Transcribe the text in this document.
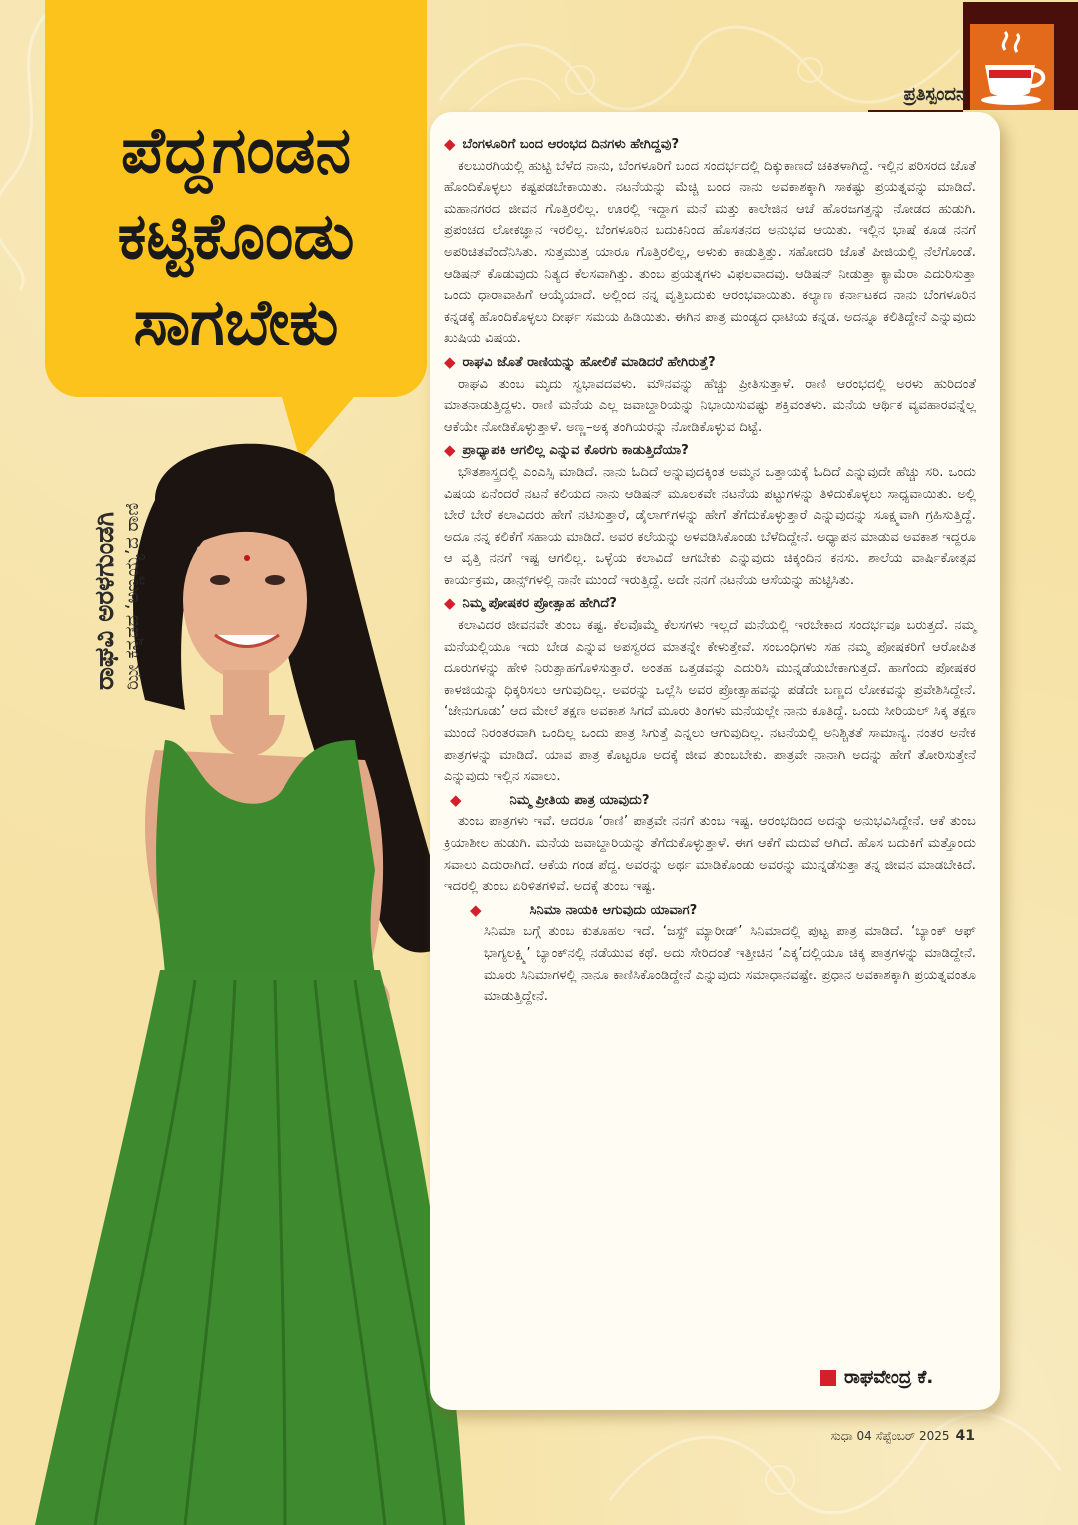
ಪೆದ್ದಗಂಡನ
ಕಟ್ಟಿಕೊಂಡು
ಸಾಗಬೇಕು
ರಾಘವಿ ಅರಳಗುಂಡಗಿ ಝೀ ಕನ್ನಡದ ‘ಅಣ್ಣಯ್ಯ’ದ ರಾಣಿ
ಪ್ರತಿಸ್ಪಂದನ
◆ ಬೆಂಗಳೂರಿಗೆ ಬಂದ ಆರಂಭದ ದಿನಗಳು ಹೇಗಿದ್ದವು?

ಕಲಬುರಗಿಯಲ್ಲಿ ಹುಟ್ಟಿ ಬೆಳೆದ ನಾನು, ಬೆಂಗಳೂರಿಗೆ ಬಂದ ಸಂದರ್ಭದಲ್ಲಿ ದಿಕ್ಕುಕಾಣದೆ ಚಕಿತಳಾಗಿದ್ದೆ. ಇಲ್ಲಿನ ಪರಿಸರದ ಜೊತೆ ಹೊಂದಿಕೊಳ್ಳಲು ಕಷ್ಟಪಡಬೇಕಾಯಿತು. ನಟನೆಯನ್ನು ಮೆಚ್ಚಿ ಬಂದ ನಾನು ಅವಕಾಶಕ್ಕಾಗಿ ಸಾಕಷ್ಟು ಪ್ರಯತ್ನವನ್ನು ಮಾಡಿದೆ. ಮಹಾನಗರದ ಜೀವನ ಗೊತ್ತಿರಲಿಲ್ಲ. ಊರಲ್ಲಿ ಇದ್ದಾಗ ಮನೆ ಮತ್ತು ಕಾಲೇಜಿನ ಆಚೆ ಹೊರಜಗತ್ತನ್ನು ನೋಡದ ಹುಡುಗಿ. ಪ್ರಪಂಚದ ಲೋಕಜ್ಞಾನ ಇರಲಿಲ್ಲ. ಬೆಂಗಳೂರಿನ ಬದುಕಿನಿಂದ ಹೊಸತನದ ಅನುಭವ ಆಯಿತು. ಇಲ್ಲಿನ ಭಾಷೆ ಕೂಡ ನನಗೆ ಅಪರಿಚಿತವೆಂದೆನಿಸಿತು. ಸುತ್ತಮುತ್ತ ಯಾರೂ ಗೊತ್ತಿರಲಿಲ್ಲ, ಅಳುಕು ಕಾಡುತ್ತಿತ್ತು. ಸಹೋದರಿ ಜೊತೆ ಪೀಜಿಯಲ್ಲಿ ನೆಲೆಗೊಂಡೆ. ಆಡಿಷನ್ ಕೊಡುವುದು ನಿತ್ಯದ ಕೆಲಸವಾಗಿತ್ತು. ತುಂಬ ಪ್ರಯತ್ನಗಳು ವಿಫಲವಾದವು. ಆಡಿಷನ್ ನೀಡುತ್ತಾ ಕ್ಯಾಮೆರಾ ಎದುರಿಸುತ್ತಾ ಒಂದು ಧಾರಾವಾಹಿಗೆ ಆಯ್ಕೆಯಾದೆ. ಅಲ್ಲಿಂದ ನನ್ನ ವೃತ್ತಿಬದುಕು ಆರಂಭವಾಯಿತು. ಕಲ್ಯಾಣ ಕರ್ನಾಟಕದ ನಾನು ಬೆಂಗಳೂರಿನ ಕನ್ನಡಕ್ಕೆ ಹೊಂದಿಕೊಳ್ಳಲು ದೀರ್ಘ ಸಮಯ ಹಿಡಿಯಿತು. ಈಗಿನ ಪಾತ್ರ ಮಂಡ್ಯದ ಧಾಟಿಯ ಕನ್ನಡ. ಅದನ್ನೂ ಕಲಿತಿದ್ದೇನೆ ಎನ್ನುವುದು ಖುಷಿಯ ವಿಷಯ.

◆ ರಾಘವಿ ಜೊತೆ ರಾಣಿಯನ್ನು ಹೋಲಿಕೆ ಮಾಡಿದರೆ ಹೇಗಿರುತ್ತೆ?

ರಾಘವಿ ತುಂಬ ಮೃದು ಸ್ವಭಾವದವಳು. ಮೌನವನ್ನು ಹೆಚ್ಚು ಪ್ರೀತಿಸುತ್ತಾಳೆ. ರಾಣಿ ಆರಂಭದಲ್ಲಿ ಅರಳು ಹುರಿದಂತೆ ಮಾತನಾಡುತ್ತಿದ್ದಳು. ರಾಣಿ ಮನೆಯ ಎಲ್ಲ ಜವಾಬ್ದಾರಿಯನ್ನು ನಿಭಾಯಿಸುವಷ್ಟು ಶಕ್ತಿವಂತಳು. ಮನೆಯ ಆರ್ಥಿಕ ವ್ಯವಹಾರವನ್ನೆಲ್ಲ ಆಕೆಯೇ ನೋಡಿಕೊಳ್ಳುತ್ತಾಳೆ. ಅಣ್ಣ–ಅಕ್ಕ ತಂಗಿಯರನ್ನು ನೋಡಿಕೊಳ್ಳುವ ದಿಟ್ಟೆ.

◆ ಪ್ರಾಧ್ಯಾಪಕಿ ಆಗಲಿಲ್ಲ ಎನ್ನುವ ಕೊರಗು ಕಾಡುತ್ತಿದೆಯಾ?

ಭೌತಶಾಸ್ತ್ರದಲ್ಲಿ ಎಂಎಸ್ಸಿ ಮಾಡಿದೆ. ನಾನು ಓದಿದೆ ಅನ್ನುವುದಕ್ಕಿಂತ ಅಮ್ಮನ ಒತ್ತಾಯಕ್ಕೆ ಓದಿದೆ ಎನ್ನುವುದೇ ಹೆಚ್ಚು ಸರಿ. ಒಂದು ವಿಷಯ ಏನೆಂದರೆ ನಟನೆ ಕಲಿಯದ ನಾನು ಆಡಿಷನ್ ಮೂಲಕವೇ ನಟನೆಯ ಪಟ್ಟುಗಳನ್ನು ತಿಳಿದುಕೊಳ್ಳಲು ಸಾಧ್ಯವಾಯಿತು. ಅಲ್ಲಿ ಬೇರೆ ಬೇರೆ ಕಲಾವಿದರು ಹೇಗೆ ನಟಿಸುತ್ತಾರೆ, ಡೈಲಾಗ್‌ಗಳನ್ನು ಹೇಗೆ ತೆಗೆದುಕೊಳ್ಳುತ್ತಾರೆ ಎನ್ನುವುದನ್ನು ಸೂಕ್ಷ್ಮವಾಗಿ ಗ್ರಹಿಸುತ್ತಿದ್ದೆ. ಅದೂ ನನ್ನ ಕಲಿಕೆಗೆ ಸಹಾಯ ಮಾಡಿದೆ. ಅವರ ಕಲೆಯನ್ನು ಅಳವಡಿಸಿಕೊಂಡು ಬೆಳೆದಿದ್ದೇನೆ. ಅಧ್ಯಾಪನ ಮಾಡುವ ಅವಕಾಶ ಇದ್ದರೂ ಆ ವೃತ್ತಿ ನನಗೆ ಇಷ್ಟ ಆಗಲಿಲ್ಲ. ಒಳ್ಳೆಯ ಕಲಾವಿದೆ ಆಗಬೇಕು ಎನ್ನುವುದು ಚಿಕ್ಕಂದಿನ ಕನಸು. ಶಾಲೆಯ ವಾರ್ಷಿಕೋತ್ಸವ ಕಾರ್ಯಕ್ರಮ, ಡಾನ್ಸ್‌ಗಳಲ್ಲಿ ನಾನೇ ಮುಂದೆ ಇರುತ್ತಿದ್ದೆ. ಅದೇ ನನಗೆ ನಟನೆಯ ಆಸೆಯನ್ನು ಹುಟ್ಟಿಸಿತು.

◆ ನಿಮ್ಮ ಪೋಷಕರ ಪ್ರೋತ್ಸಾಹ ಹೇಗಿದೆ?

ಕಲಾವಿದರ ಜೀವನವೇ ತುಂಬ ಕಷ್ಟ. ಕೆಲವೊಮ್ಮೆ ಕೆಲಸಗಳು ಇಲ್ಲದೆ ಮನೆಯಲ್ಲಿ ಇರಬೇಕಾದ ಸಂದರ್ಭವೂ ಬರುತ್ತದೆ. ನಮ್ಮ ಮನೆಯಲ್ಲಿಯೂ ಇದು ಬೇಡ ಎನ್ನುವ ಅಪಸ್ವರದ ಮಾತನ್ನೇ ಕೇಳುತ್ತೇವೆ. ಸಂಬಂಧಿಗಳು ಸಹ ನಮ್ಮ ಪೋಷಕರಿಗೆ ಆರೋಪಿತ ದೂರುಗಳನ್ನು ಹೇಳಿ ನಿರುತ್ಸಾಹಗೊಳಿಸುತ್ತಾರೆ. ಅಂತಹ ಒತ್ತಡವನ್ನು ಎದುರಿಸಿ ಮುನ್ನಡೆಯಬೇಕಾಗುತ್ತದೆ. ಹಾಗೆಂದು ಪೋಷಕರ ಕಾಳಜಿಯನ್ನು ಧಿಕ್ಕರಿಸಲು ಆಗುವುದಿಲ್ಲ. ಅವರನ್ನು ಒಲ್ಲೆಸಿ ಅವರ ಪ್ರೋತ್ಸಾಹವನ್ನು ಪಡೆದೇ ಬಣ್ಣದ ಲೋಕವನ್ನು ಪ್ರವೇಶಿಸಿದ್ದೇನೆ. ‘ಜೇನುಗೂಡು’ ಆದ ಮೇಲೆ ತಕ್ಷಣ ಅವಕಾಶ ಸಿಗದೆ ಮೂರು ತಿಂಗಳು ಮನೆಯಲ್ಲೇ ನಾನು ಕೂತಿದ್ದೆ. ಒಂದು ಸೀರಿಯಲ್ ಸಿಕ್ಕ ತಕ್ಷಣ ಮುಂದೆ ನಿರಂತರವಾಗಿ ಒಂದಿಲ್ಲ ಒಂದು ಪಾತ್ರ ಸಿಗುತ್ತೆ ಎನ್ನಲು ಆಗುವುದಿಲ್ಲ. ನಟನೆಯಲ್ಲಿ ಅನಿಶ್ಚಿತತೆ ಸಾಮಾನ್ಯ. ನಂತರ ಅನೇಕ ಪಾತ್ರಗಳನ್ನು ಮಾಡಿದೆ. ಯಾವ ಪಾತ್ರ ಕೊಟ್ಟರೂ ಅದಕ್ಕೆ ಜೀವ ತುಂಬಬೇಕು. ಪಾತ್ರವೇ ನಾನಾಗಿ ಅದನ್ನು ಹೇಗೆ ತೋರಿಸುತ್ತೇನೆ ಎನ್ನುವುದು ಇಲ್ಲಿನ ಸವಾಲು.

◆	ನಿಮ್ಮ ಪ್ರೀತಿಯ ಪಾತ್ರ ಯಾವುದು?

ತುಂಬ ಪಾತ್ರಗಳು ಇವೆ. ಆದರೂ ‘ರಾಣಿ’ ಪಾತ್ರವೇ ನನಗೆ ತುಂಬ ಇಷ್ಟ. ಆರಂಭದಿಂದ ಅದನ್ನು ಅನುಭವಿಸಿದ್ದೇನೆ. ಆಕೆ ತುಂಬ ಕ್ರಿಯಾಶೀಲ ಹುಡುಗಿ. ಮನೆಯ ಜವಾಬ್ದಾರಿಯನ್ನು ತೆಗೆದುಕೊಳ್ಳುತ್ತಾಳೆ. ಈಗ ಆಕೆಗೆ ಮದುವೆ ಆಗಿದೆ. ಹೊಸ ಬದುಕಿಗೆ ಮತ್ತೊಂದು ಸವಾಲು ಎದುರಾಗಿದೆ. ಆಕೆಯ ಗಂಡ ಪೆದ್ದ. ಅವರನ್ನು ಅರ್ಥ ಮಾಡಿಕೊಂಡು ಅವರನ್ನು ಮುನ್ನಡೆಸುತ್ತಾ ತನ್ನ ಜೀವನ ಮಾಡಬೇಕಿದೆ. ಇದರಲ್ಲಿ ತುಂಬ ಏರಿಳಿತಗಳಿವೆ. ಅದಕ್ಕೆ ತುಂಬ ಇಷ್ಟ.

◆	ಸಿನಿಮಾ ನಾಯಕಿ ಆಗುವುದು ಯಾವಾಗ?

ಸಿನಿಮಾ ಬಗ್ಗೆ ತುಂಬ ಕುತೂಹಲ ಇದೆ. ‘ಜಸ್ಟ್ ಮ್ಯಾರೀಡ್’ ಸಿನಿಮಾದಲ್ಲಿ ಪುಟ್ಟ ಪಾತ್ರ ಮಾಡಿದೆ. ‘ಬ್ಯಾಂಕ್ ಆಫ್ ಭಾಗ್ಯಲಕ್ಷ್ಮಿ’ ಬ್ಯಾಂಕ್‌ನಲ್ಲಿ ನಡೆಯುವ ಕಥೆ. ಅದು ಸೇರಿದಂತೆ ಇತ್ತೀಚಿನ ‘ಎಕ್ಕ’ದಲ್ಲಿಯೂ ಚಿಕ್ಕ ಪಾತ್ರಗಳನ್ನು ಮಾಡಿದ್ದೇನೆ. ಮೂರು ಸಿನಿಮಾಗಳಲ್ಲಿ ನಾನೂ ಕಾಣಿಸಿಕೊಂಡಿದ್ದೇನೆ ಎನ್ನುವುದು ಸಮಾಧಾನವಷ್ಟೇ. ಪ್ರಧಾನ ಅವಕಾಶಕ್ಕಾಗಿ ಪ್ರಯತ್ನವಂತೂ ಮಾಡುತ್ತಿದ್ದೇನೆ.

ರಾಘವೇಂದ್ರ ಕೆ.
ಸುಧಾ 04 ಸೆಪ್ಟೆಂಬರ್ 2025 41
